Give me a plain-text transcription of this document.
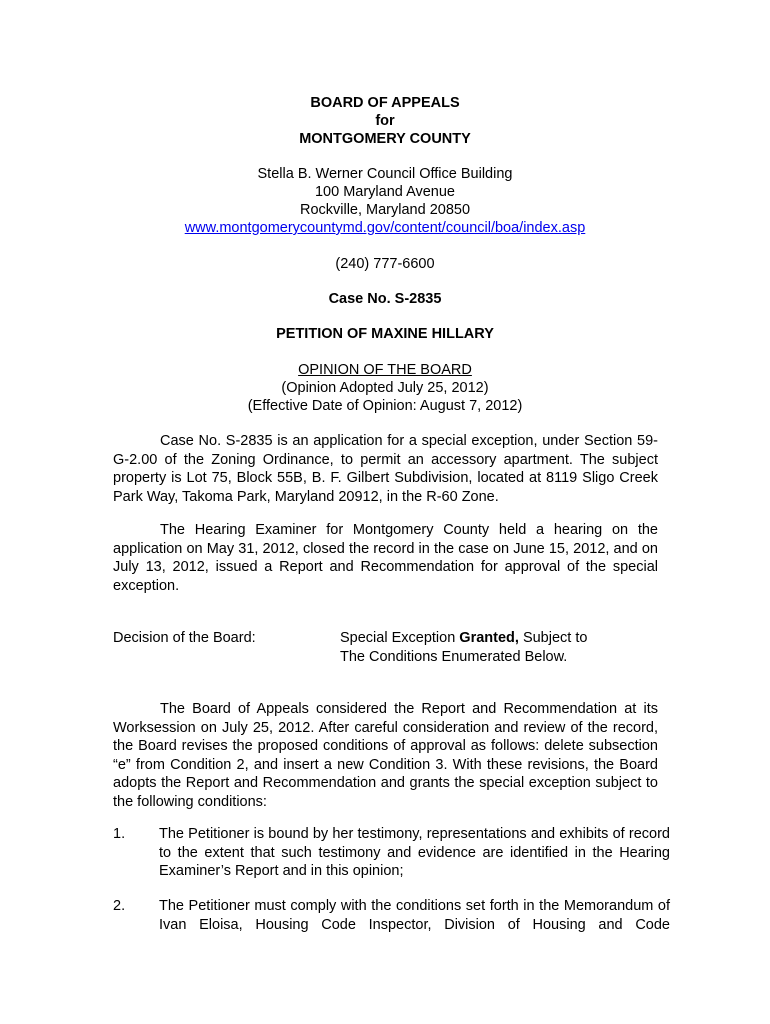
BOARD OF APPEALS
for
MONTGOMERY COUNTY
Stella B. Werner Council Office Building
100 Maryland Avenue
Rockville, Maryland 20850
www.montgomerycountymd.gov/content/council/boa/index.asp
(240) 777-6600
Case No. S-2835
PETITION OF MAXINE HILLARY
OPINION OF THE BOARD
(Opinion Adopted July 25, 2012)
(Effective Date of Opinion: August 7, 2012)
Case No. S-2835 is an application for a special exception, under Section 59-G-2.00 of the Zoning Ordinance, to permit an accessory apartment. The subject property is Lot 75, Block 55B, B. F. Gilbert Subdivision, located at 8119 Sligo Creek Park Way, Takoma Park, Maryland 20912, in the R-60 Zone.
The Hearing Examiner for Montgomery County held a hearing on the application on May 31, 2012, closed the record in the case on June 15, 2012, and on July 13, 2012, issued a Report and Recommendation for approval of the special exception.
Decision of the Board:	Special Exception Granted, Subject to
The Conditions Enumerated Below.
The Board of Appeals considered the Report and Recommendation at its Worksession on July 25, 2012. After careful consideration and review of the record, the Board revises the proposed conditions of approval as follows: delete subsection “e” from Condition 2, and insert a new Condition 3. With these revisions, the Board adopts the Report and Recommendation and grants the special exception subject to the following conditions:
1. The Petitioner is bound by her testimony, representations and exhibits of record to the extent that such testimony and evidence are identified in the Hearing Examiner’s Report and in this opinion;
2. The Petitioner must comply with the conditions set forth in the Memorandum of Ivan Eloisa, Housing Code Inspector, Division of Housing and Code
